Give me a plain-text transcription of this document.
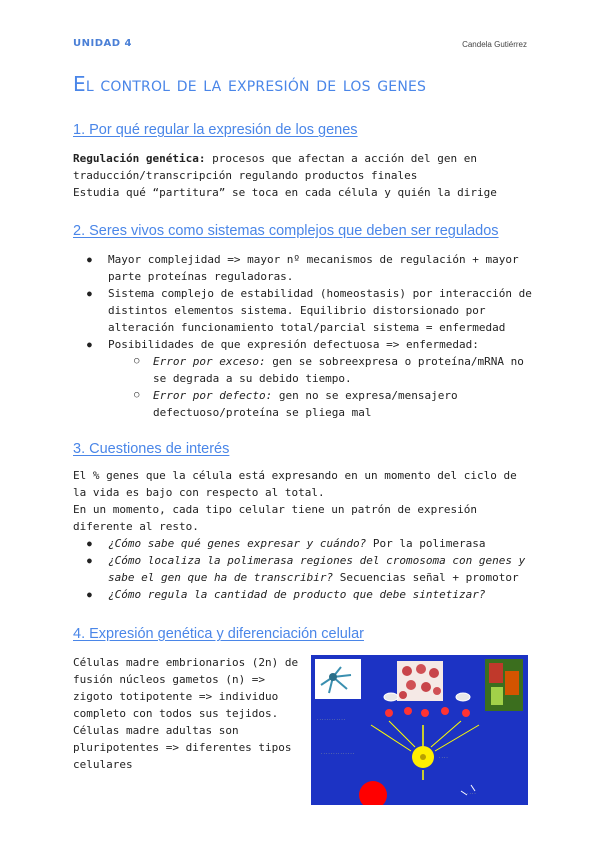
UNIDAD 4	Candela Gutiérrez
El control de la expresión de los genes
1. Por qué regular la expresión de los genes
Regulación genética: procesos que afectan a acción del gen en
traducción/transcripción regulando productos finales
Estudia qué “partitura” se toca en cada célula y quién la dirige
2. Seres vivos como sistemas complejos que deben ser regulados
● Mayor complejidad => mayor nº mecanismos de regulación + mayor parte proteínas reguladoras.
● Sistema complejo de estabilidad (homeostasis) por interacción de distintos elementos sistema. Equilibrio distorsionado por alteración funcionamiento total/parcial sistema = enfermedad
● Posibilidades de que expresión defectuosa => enfermedad:
○ Error por exceso: gen se sobreexpresa o proteína/mRNA no se degrada a su debido tiempo.
○ Error por defecto: gen no se expresa/mensajero defectuoso/proteína se pliega mal
3. Cuestiones de interés
El % genes que la célula está expresando en un momento del ciclo de la vida es bajo con respecto al total.
En un momento, cada tipo celular tiene un patrón de expresión diferente al resto.
● ¿Cómo sabe qué genes expresar y cuándo? Por la polimerasa
● ¿Cómo localiza la polimerasa regiones del cromosoma con genes y sabe el gen que ha de transcribir? Secuencias señal + promotor
● ¿Cómo regula la cantidad de producto que debe sintetizar?
4. Expresión genética y diferenciación celular
Células madre embrionarios (2n) de fusión núcleos gametos (n) => zigoto totipotente => individuo completo con todos sus tejidos. Células madre adultas son pluripotentes => diferentes tipos celulares
· · · · · · · · · · · ·
· · · · · · · · · · · · · ·
· · · ·
· · · ·
